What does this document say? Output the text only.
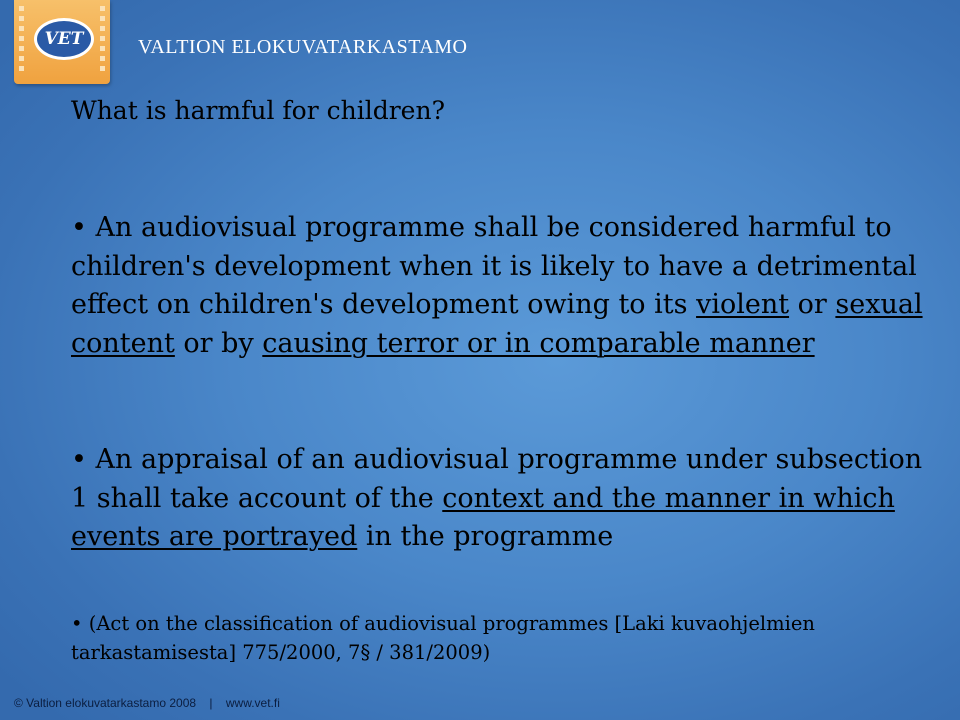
VET	VALTION ELOKUVATARKASTAMO
What is harmful for children?
• An audiovisual programme shall be considered harmful to children's development when it is likely to have a detrimental effect on children's development owing to its violent or sexual content or by causing terror or in comparable manner
• An appraisal of an audiovisual programme under subsection 1 shall take account of the context and the manner in which events are portrayed in the programme
• (Act on the classification of audiovisual programmes [Laki kuvaohjelmien tarkastamisesta] 775/2000, 7§ / 381/2009)
© Valtion elokuvatarkastamo 2008 | www.vet.fi
